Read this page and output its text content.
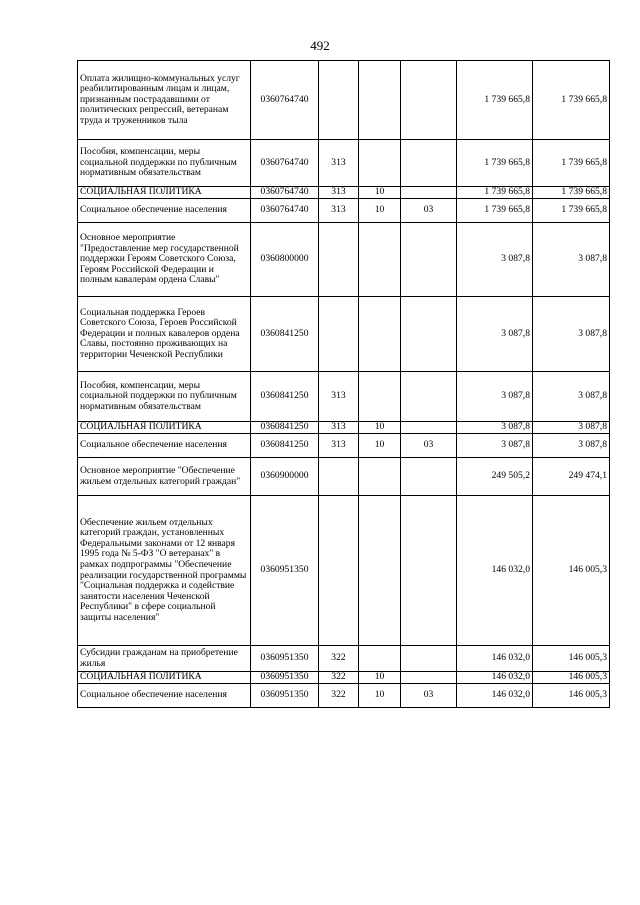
492
Оплата жилищно-коммунальных услуг реабилитированным лицам и лицам, признанным пострадавшими от политических репрессий, ветеранам труда и труженников тыла	0360764740				1 739 665,8	1 739 665,8
Пособия, компенсации, меры социальной поддержки по публичным нормативным обязательствам	0360764740	313			1 739 665,8	1 739 665,8
СОЦИАЛЬНАЯ ПОЛИТИКА	0360764740	313	10		1 739 665,8	1 739 665,8
Социальное обеспечение населения	0360764740	313	10	03	1 739 665,8	1 739 665,8
Основное мероприятие "Предоставление мер государственной поддержки Героям Советского Союза, Героям Российской Федерации и полным кавалерам ордена Славы"	0360800000				3 087,8	3 087,8
Социальная поддержка Героев Советского Союза, Героев Российской Федерации и полных кавалеров ордена Славы, постоянно проживающих на территории Чеченской Республики	0360841250				3 087,8	3 087,8
Пособия, компенсации, меры социальной поддержки по публичным нормативным обязательствам	0360841250	313			3 087,8	3 087,8
СОЦИАЛЬНАЯ ПОЛИТИКА	0360841250	313	10		3 087,8	3 087,8
Социальное обеспечение населения	0360841250	313	10	03	3 087,8	3 087,8
Основное мероприятие "Обеспечение жильем отдельных категорий граждан"	0360900000				249 505,2	249 474,1
Обеспечение жильем отдельных категорий граждан, установленных Федеральными законами от 12 января 1995 года № 5-ФЗ "О ветеранах" в рамках подпрограммы "Обеспечение реализации государственной программы "Социальная поддержка и содействие занятости населения Чеченской Республики" в сфере социальной защиты населения"	0360951350				146 032,0	146 005,3
Субсидии гражданам на приобретение жилья	0360951350	322			146 032,0	146 005,3
СОЦИАЛЬНАЯ ПОЛИТИКА	0360951350	322	10		146 032,0	146 005,3
Социальное обеспечение населения	0360951350	322	10	03	146 032,0	146 005,3
